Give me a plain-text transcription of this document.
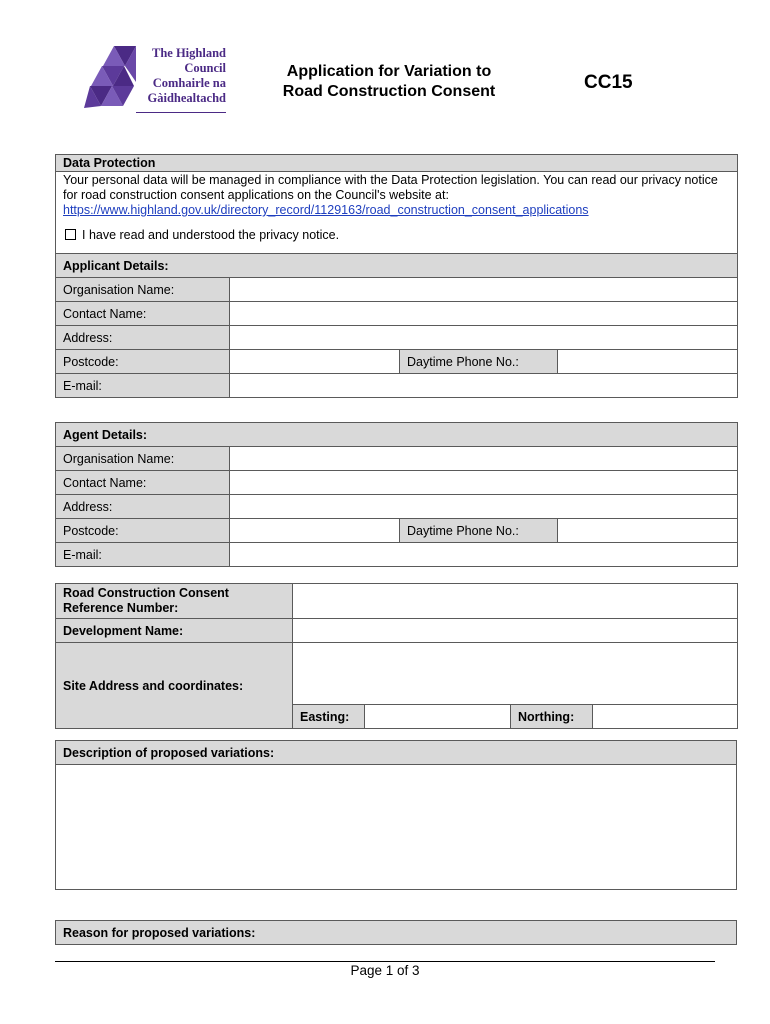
The Highland
Council
Comhairle na
Gàidhealtachd
Application for Variation to
Road Construction Consent	CC15
Data Protection			

Your personal data will be managed in compliance with the Data Protection legislation. You can read our privacy notice for road construction consent applications on the Council's website at:
https://www.highland.gov.uk/directory_record/1129163/road_construction_consent_applications
I have read and understood the privacy notice.			

Applicant Details:			
Organisation Name:			
Contact Name:			
Address:			
Postcode:		Daytime Phone No.:	
E-mail:			
Agent Details:			
Organisation Name:			
Contact Name:			
Address:			
Postcode:		Daytime Phone No.:	
E-mail:			
Road Construction Consent
Reference Number:				

Development Name:				
Site Address and coordinates:				
	Easting:		Northing:	
Description of proposed variations:

Reason for proposed variations:
Page 1 of 3
